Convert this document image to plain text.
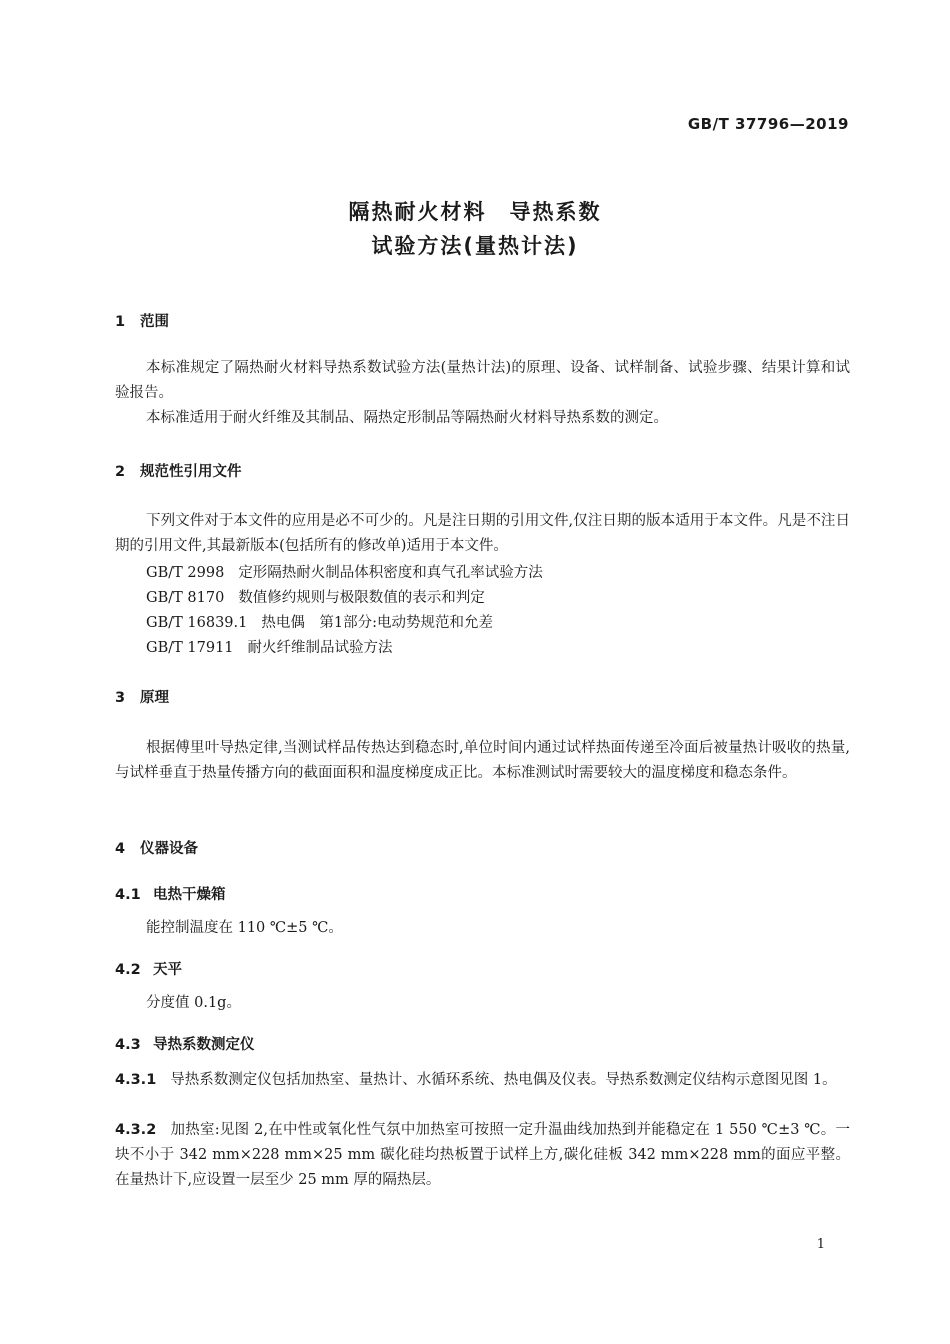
GB/T 37796—2019
隔热耐火材料　导热系数
试验方法(量热计法)
1 范围
本标准规定了隔热耐火材料导热系数试验方法(量热计法)的原理、设备、试样制备、试验步骤、结果计算和试验报告。
本标准适用于耐火纤维及其制品、隔热定形制品等隔热耐火材料导热系数的测定。
2 规范性引用文件
下列文件对于本文件的应用是必不可少的。凡是注日期的引用文件,仅注日期的版本适用于本文件。凡是不注日期的引用文件,其最新版本(包括所有的修改单)适用于本文件。
GB/T 2998 定形隔热耐火制品体积密度和真气孔率试验方法
GB/T 8170 数值修约规则与极限数值的表示和判定
GB/T 16839.1 热电偶　第1部分:电动势规范和允差
GB/T 17911 耐火纤维制品试验方法
3 原理
根据傅里叶导热定律,当测试样品传热达到稳态时,单位时间内通过试样热面传递至冷面后被量热计吸收的热量,与试样垂直于热量传播方向的截面面积和温度梯度成正比。本标准测试时需要较大的温度梯度和稳态条件。
4 仪器设备
4.1 电热干燥箱
能控制温度在 110 ℃±5 ℃。
4.2 天平
分度值 0.1g。
4.3 导热系数测定仪
4.3.1 导热系数测定仪包括加热室、量热计、水循环系统、热电偶及仪表。导热系数测定仪结构示意图见图 1。
4.3.2 加热室:见图 2,在中性或氧化性气氛中加热室可按照一定升温曲线加热到并能稳定在 1 550 ℃±3 ℃。一块不小于 342 mm×228 mm×25 mm 碳化硅均热板置于试样上方,碳化硅板 342 mm×228 mm的面应平整。在量热计下,应设置一层至少 25 mm 厚的隔热层。
1
